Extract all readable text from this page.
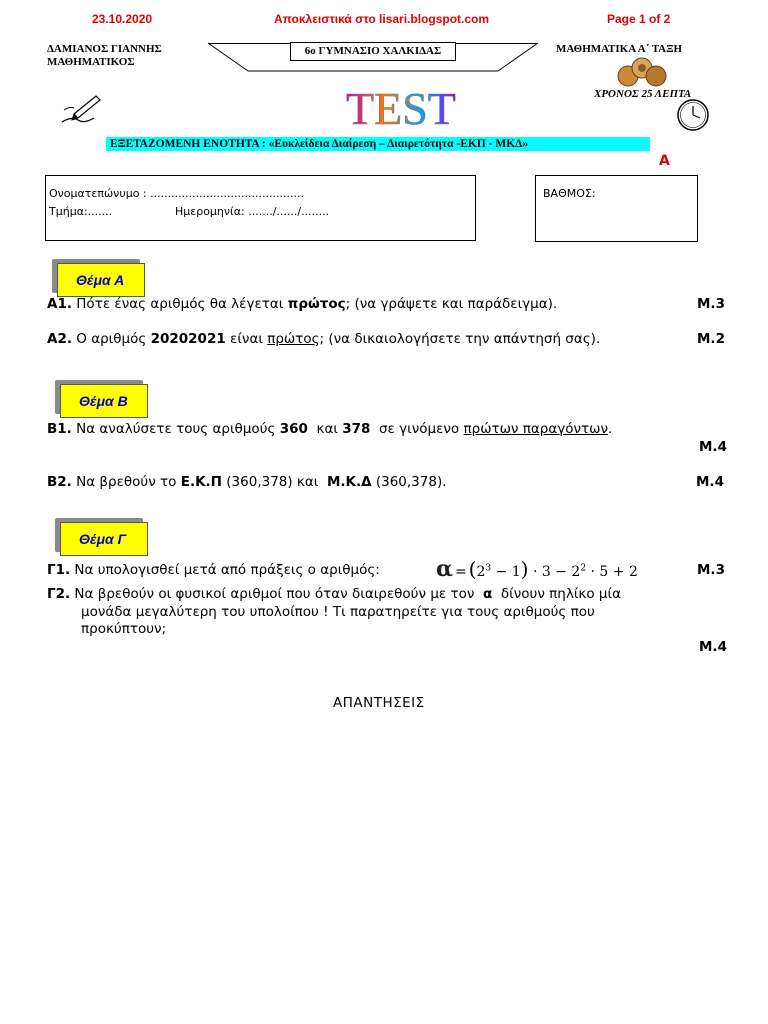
23.10.2020	Αποκλειστικά στο lisari.blogspot.com	Page 1 of 2
ΔΑΜΙΑΝΟΣ ΓΙΑΝΝΗΣ
ΜΑΘΗΜΑΤΙΚΟΣ
6ο ΓΥΜΝΑΣΙΟ ΧΑΛΚΙΔΑΣ	ΜΑΘΗΜΑΤΙΚΑ Α΄ ΤΑΞΗ
ΧΡΟΝΟΣ 25 ΛΕΠΤΑ
TEST
ΕΞΕΤΑΖΟΜΕΝΗ ΕΝΟΤΗΤΑ : «Ευκλείδεια Διαίρεση – Διαιρετότητα -ΕΚΠ - ΜΚΔ»
Α
Ονοματεπώνυμο : ............................................
Τμήμα:.......	Ημερομηνία: ......./....../........
ΒΑΘΜΟΣ:
Θέμα Α
Α1. Πότε ένας αριθμός θα λέγεται πρώτος; (να γράψετε και παράδειγμα).	Μ.3
Α2. Ο αριθμός 20202021 είναι πρώτος; (να δικαιολογήσετε την απάντησή σας).	Μ.2
Θέμα Β
Β1. Να αναλύσετε τους αριθμούς 360 και 378 σε γινόμενο πρώτων παραγόντων.
Μ.4
Β2. Να βρεθούν το Ε.Κ.Π (360,378) και Μ.Κ.Δ (360,378).	Μ.4
Θέμα Γ
Γ1. Να υπολογισθεί μετά από πράξεις ο αριθμός:	$\alpha = (2^3 - 1) \cdot 3 - 2^2 \cdot 5 + 2$	Μ.3
Γ2. Να βρεθούν οι φυσικοί αριθμοί που όταν διαιρεθούν με τον α δίνουν πηλίκο μία
μονάδα μεγαλύτερη του υπολοίπου ! Τι παρατηρείτε για τους αριθμούς που
προκύπτουν;
Μ.4
ΑΠΑΝΤΗΣΕΙΣ
